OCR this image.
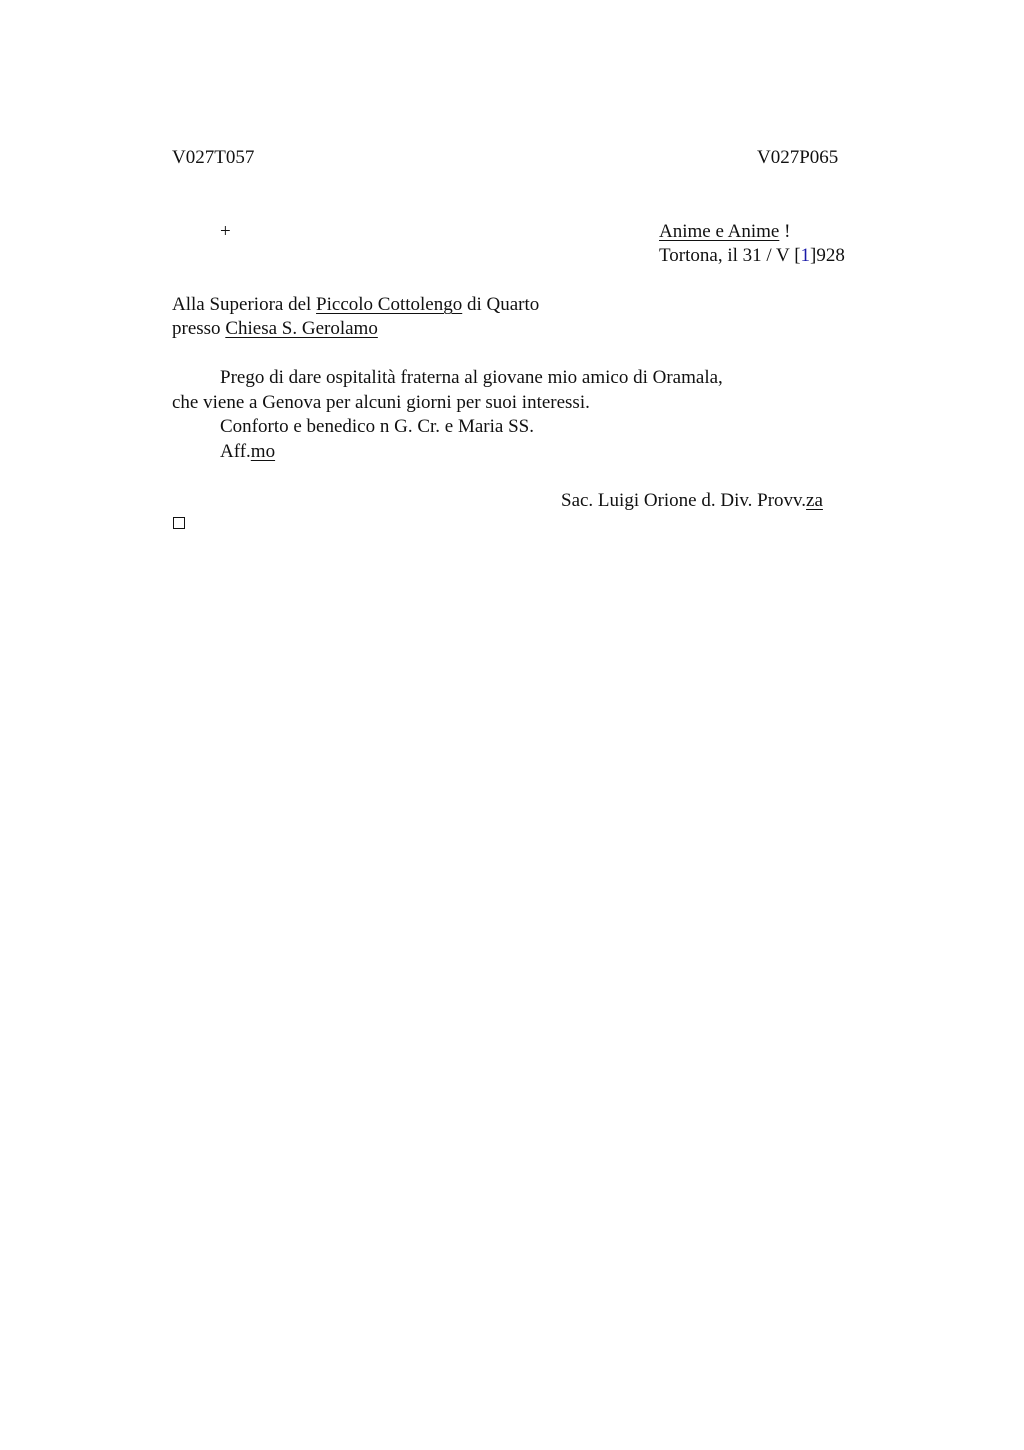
V027T057	V027P065
+	Anime e Anime !
Tortona, il 31 / V [1]928
Alla Superiora del Piccolo Cottolengo di Quarto
presso Chiesa S. Gerolamo
Prego di dare ospitalità fraterna al giovane mio amico di Oramala,
che viene a Genova per alcuni giorni per suoi interessi.
Conforto e benedico n G. Cr. e Maria SS.
Aff.mo
Sac. Luigi Orione d. Div. Provv.za
